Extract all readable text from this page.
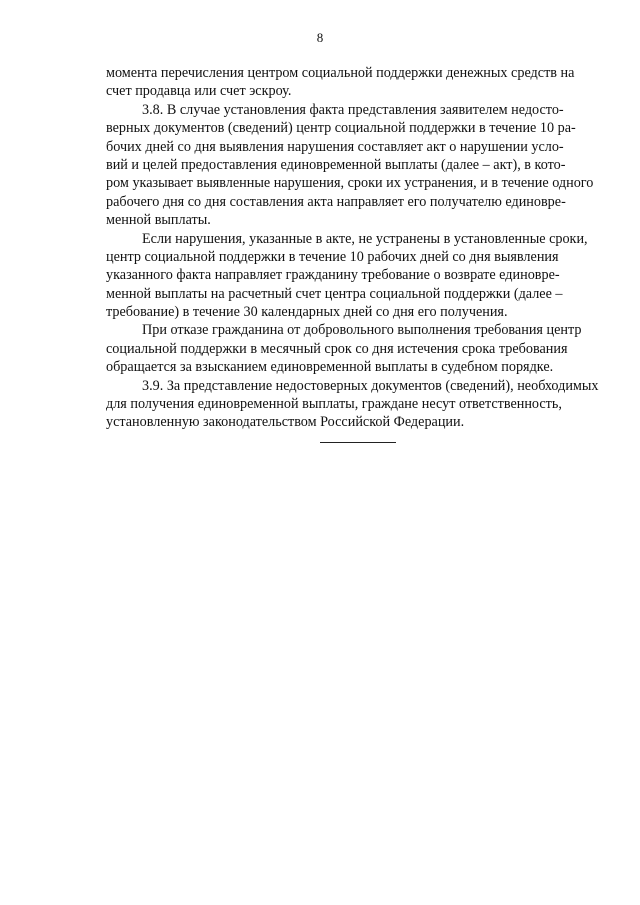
8
момента перечисления центром социальной поддержки денежных средств на
счет продавца или счет эскроу.
3.8. В случае установления факта представления заявителем недосто-
верных документов (сведений) центр социальной поддержки в течение 10 ра-
бочих дней со дня выявления нарушения составляет акт о нарушении усло-
вий и целей предоставления единовременной выплаты (далее – акт), в кото-
ром указывает выявленные нарушения, сроки их устранения, и в течение одного
рабочего дня со дня составления акта направляет его получателю единовре-
менной выплаты.
Если нарушения, указанные в акте, не устранены в установленные сроки,
центр социальной поддержки в течение 10 рабочих дней со дня выявления
указанного факта направляет гражданину требование о возврате единовре-
менной выплаты на расчетный счет центра социальной поддержки (далее –
требование) в течение 30 календарных дней со дня его получения.
При отказе гражданина от добровольного выполнения требования центр
социальной поддержки в месячный срок со дня истечения срока требования
обращается за взысканием единовременной выплаты в судебном порядке.
3.9. За представление недостоверных документов (сведений), необходимых
для получения единовременной выплаты, граждане несут ответственность,
установленную законодательством Российской Федерации.
